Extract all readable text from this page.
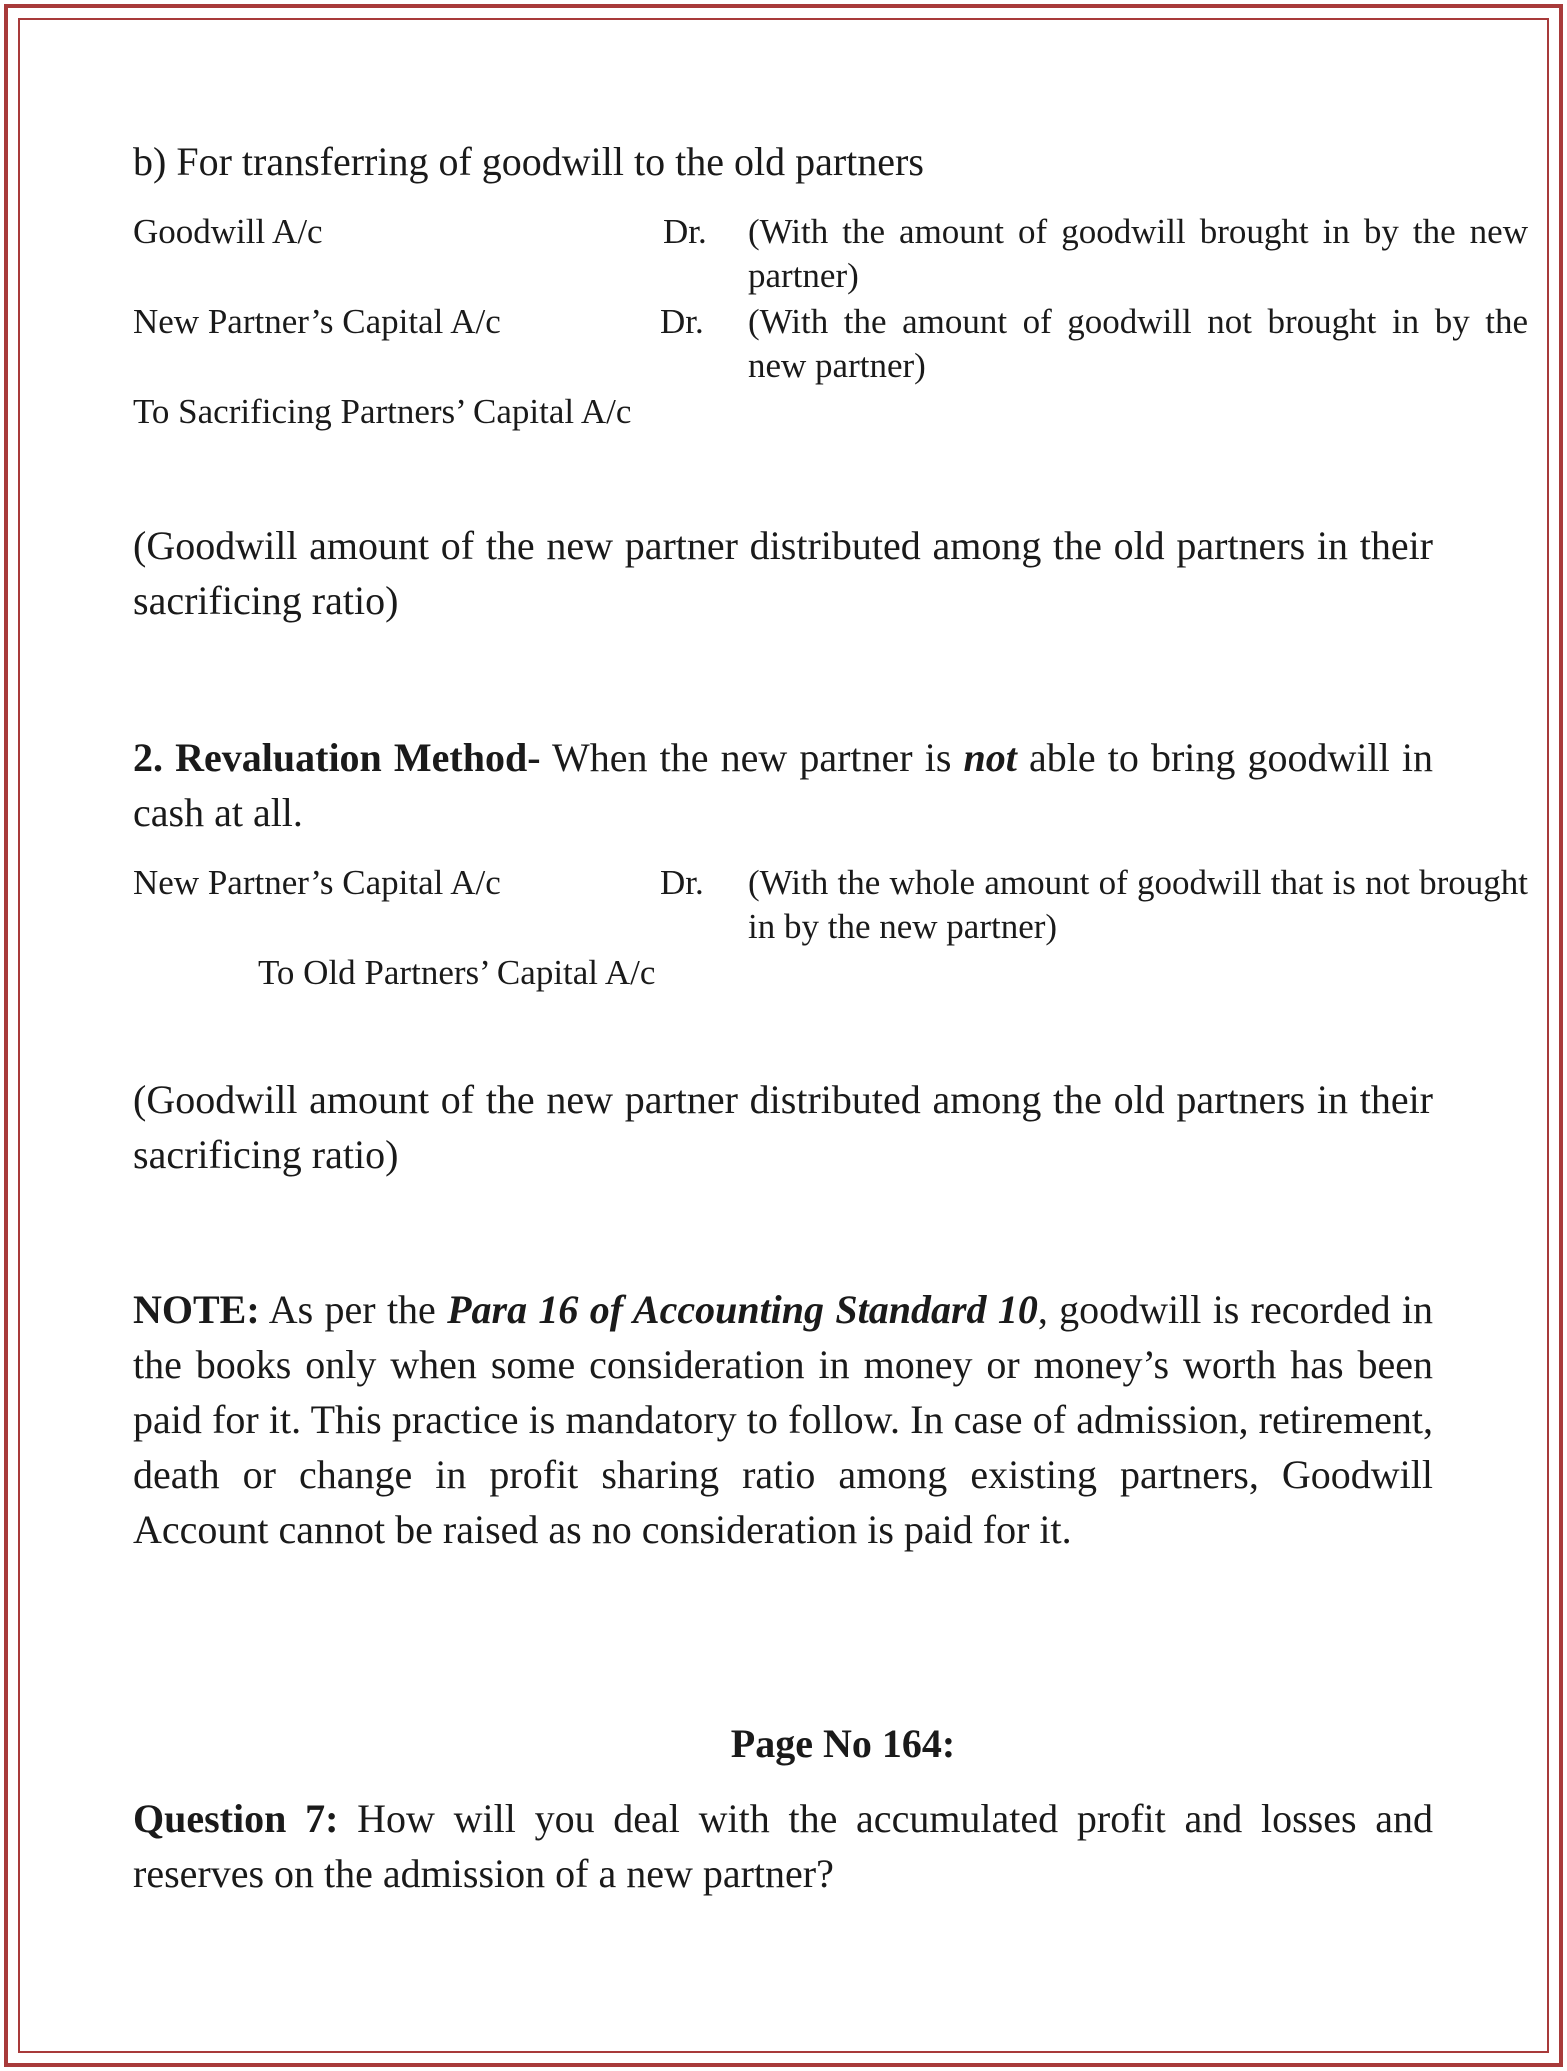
b) For transferring of goodwill to the old partners
Goodwill A/c	Dr. (With the amount of goodwill brought in by the new partner)
New Partner’s Capital A/c	Dr. (With the amount of goodwill not brought in by the new partner)
To Sacrificing Partners’ Capital A/c
(Goodwill amount of the new partner distributed among the old partners in their sacrificing ratio)
2. Revaluation Method- When the new partner is not able to bring goodwill in cash at all.
New Partner’s Capital A/c	Dr. (With the whole amount of goodwill that is not brought in by the new partner)
To Old Partners’ Capital A/c
(Goodwill amount of the new partner distributed among the old partners in their sacrificing ratio)
NOTE: As per the Para 16 of Accounting Standard 10, goodwill is recorded in the books only when some consideration in money or money’s worth has been paid for it. This practice is mandatory to follow. In case of admission, retirement, death or change in profit sharing ratio among existing partners, Goodwill Account cannot be raised as no consideration is paid for it.
Page No 164:
Question 7: How will you deal with the accumulated profit and losses and reserves on the admission of a new partner?
